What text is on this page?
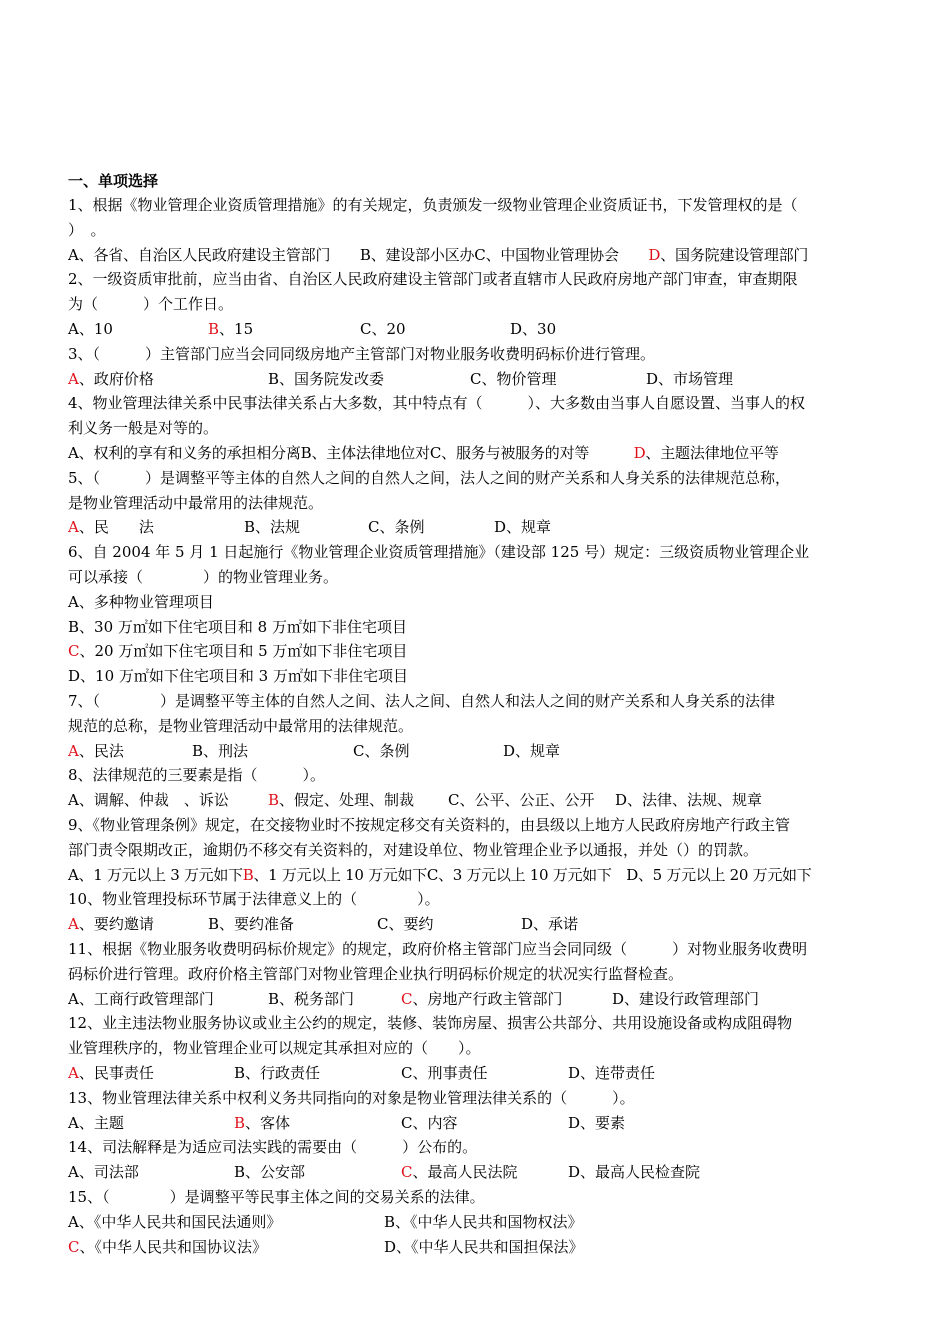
一、单项选择
1、根据《物业管理企业资质管理措施》的有关规定，负责颁发一级物业管理企业资质证书，下发管理权的是（
）　。
A、各省、自治区人民政府建设主管部门　　 B、建设部小区办C、中国物业管理协会　　 D、国务院建设管理部门
2、一级资质审批前，应当由省、自治区人民政府建设主管部门或者直辖市人民政府房地产部门审查，审查期限
为（　　　）个工作日。
A、10	B、15	C、20	D、30
3、（　　　）主管部门应当会同同级房地产主管部门对物业服务收费明码标价进行管理。
A、政府价格	B、国务院发改委	C、物价管理	D、市场管理
4、物业管理法律关系中民事法律关系占大多数，其中特点有（　　　）、大多数由当事人自愿设置、当事人的权
利义务一般是对等的。
A、权利的享有和义务的承担相分离B、主体法律地位对C、服务与被服务的对等　　　	D、主题法律地位平等
5、（　　　）是调整平等主体的自然人之间的自然人之间，法人之间的财产关系和人身关系的法律规范总称，
是物业管理活动中最常用的法律规范。
A、民　　法	B、法规	C、条例	D、规章
6、自 2004 年 5 月 1 日起施行《物业管理企业资质管理措施》（建设部 125 号）规定：三级资质物业管理企业
可以承接（　　　　）的物业管理业务。
A、多种物业管理项目
B、30 万㎡如下住宅项目和 8 万㎡如下非住宅项目
C、20 万㎡如下住宅项目和 5 万㎡如下非住宅项目
D、10 万㎡如下住宅项目和 3 万㎡如下非住宅项目
7、（　　　　）是调整平等主体的自然人之间、法人之间、自然人和法人之间的财产关系和人身关系的法律
规范的总称，是物业管理活动中最常用的法律规范。
A、民法	B、刑法	C、条例	D、规章
8、法律规范的三要素是指（　　　）。
A、调解、仲裁　、诉讼	B、假定、处理、制裁 C、公平、公正、公开 D、法律、法规、规章
9、《物业管理条例》规定，在交接物业时不按规定移交有关资料的，由县级以上地方人民政府房地产行政主管
部门责令限期改正，逾期仍不移交有关资料的，对建设单位、物业管理企业予以通报，并处（）的罚款。
A、1 万元以上 3 万元如下B、1 万元以上 10 万元如下C、3 万元以上 10 万元如下　 D、5 万元以上 20 万元如下
10、物业管理投标环节属于法律意义上的（　　　　）。
A、要约邀请	B、要约准备	C、要约	D、承诺
11、根据《物业服务收费明码标价规定》的规定，政府价格主管部门应当会同同级（　　　）对物业服务收费明
码标价进行管理。政府价格主管部门对物业管理企业执行明码标价规定的状况实行监督检查。
A、工商行政管理部门	B、税务部门	C、房地产行政主管部门	D、建设行政管理部门
12、业主违法物业服务协议或业主公约的规定，装修、装饰房屋、损害公共部分、共用设施设备或构成阻碍物
业管理秩序的，物业管理企业可以规定其承担对应的（　　）。
A、民事责任	B、行政责任	C、刑事责任	D、连带责任
13、物业管理法律关系中权利义务共同指向的对象是物业管理法律关系的（　　　）。
A、主题	B、客体	C、内容	D、要素
14、司法解释是为适应司法实践的需要由（　　　）公布的。
A、司法部	B、公安部	C、最高人民法院	D、最高人民检查院
15、（　　　　）是调整平等民事主体之间的交易关系的法律。
A、《中华人民共和国民法通则》	B、《中华人民共和国物权法》
C、《中华人民共和国协议法》	D、《中华人民共和国担保法》
